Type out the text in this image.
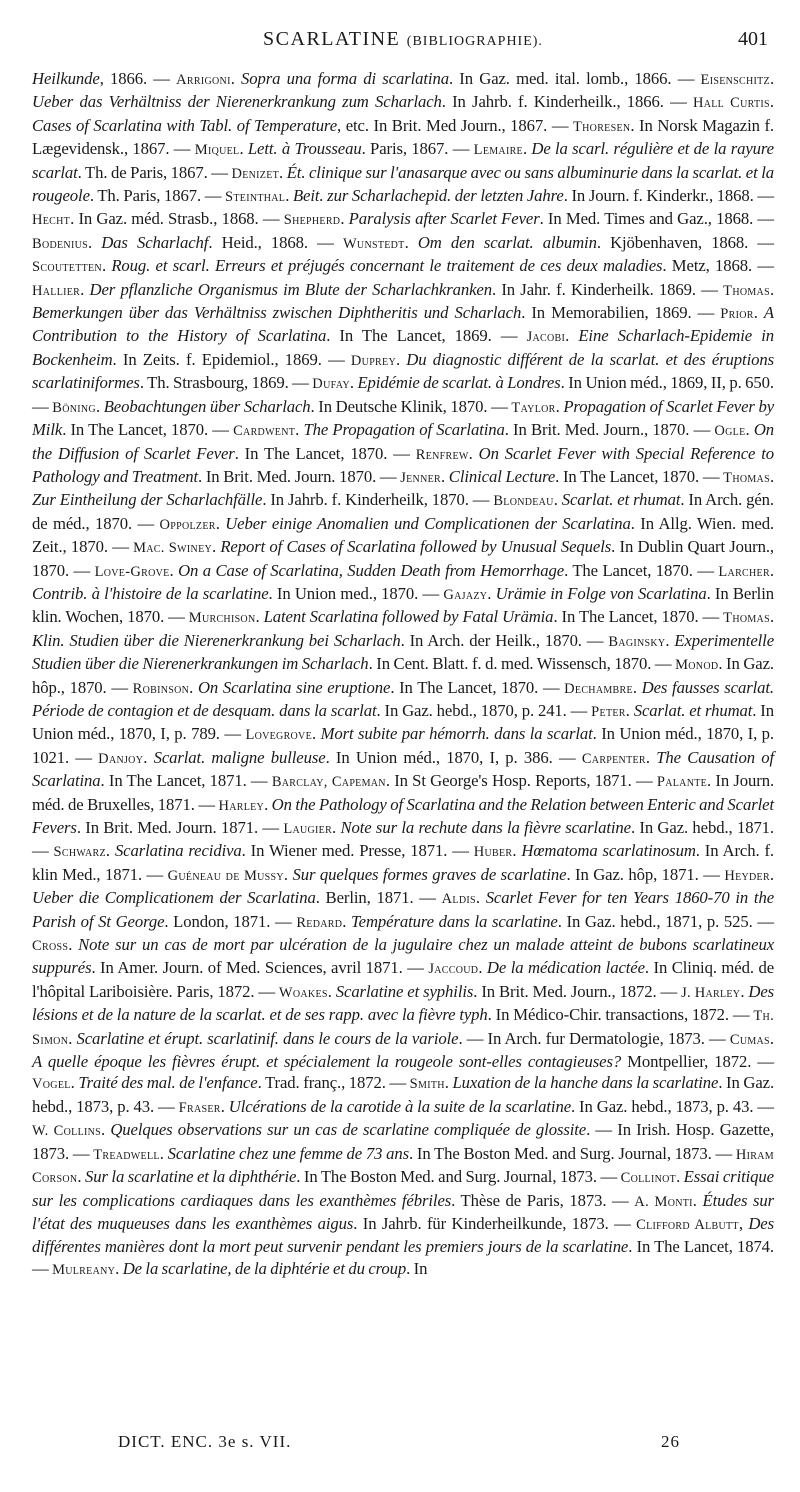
SCARLATINE (BIBLIOGRAPHIE).	401
Heilkunde, 1866. — Arrigoni. Sopra una forma di scarlatina. In Gaz. med. ital. lomb., 1866. — Eisenschitz. Ueber das Verhältniss der Nierenerkrankung zum Scharlach. In Jahrb. f. Kinderheilk., 1866. — Hall Curtis. Cases of Scarlatina with Tabl. of Temperature, etc. In Brit. Med Journ., 1867. — Thoresen. In Norsk Magazin f. Lægevidensk., 1867. — Miquel. Lett. à Trousseau. Paris, 1867. — Lemaire. De la scarl. régulière et de la rayure scarlat. Th. de Paris, 1867. — Denizet. Ét. clinique sur l'anasarque avec ou sans albuminurie dans la scarlat. et la rougeole. Th. Paris, 1867. — Steinthal. Beit. zur Scharlachepid. der letzten Jahre. In Journ. f. Kinderkr., 1868. — Hecht. In Gaz. méd. Strasb., 1868. — Shepherd. Paralysis after Scarlet Fever. In Med. Times and Gaz., 1868. — Bodenius. Das Scharlachf. Heid., 1868. — Wunstedt. Om den scarlat. albumin. Kjöbenhaven, 1868. — Scoutetten. Roug. et scarl. Erreurs et préjugés concernant le traitement de ces deux maladies. Metz, 1868. — Hallier. Der pflanzliche Organismus im Blute der Scharlachkranken. In Jahr. f. Kinderheilk. 1869. — Thomas. Bemerkungen über das Verhältniss zwischen Diphtheritis und Scharlach. In Memorabilien, 1869. — Prior. A Contribution to the History of Scarlatina. In The Lancet, 1869. — Jacobi. Eine Scharlach-Epidemie in Bockenheim. In Zeits. f. Epidemiol., 1869. — Duprey. Du diagnostic différent de la scarlat. et des éruptions scarlatiniformes. Th. Strasbourg, 1869. — Dufay. Epidémie de scarlat. à Londres. In Union méd., 1869, II, p. 650. — Böning. Beobachtungen über Scharlach. In Deutsche Klinik, 1870. — Taylor. Propagation of Scarlet Fever by Milk. In The Lancet, 1870. — Cardwent. The Propagation of Scarlatina. In Brit. Med. Journ., 1870. — Ogle. On the Diffusion of Scarlet Fever. In The Lancet, 1870. — Renfrew. On Scarlet Fever with Special Reference to Pathology and Treatment. In Brit. Med. Journ. 1870. — Jenner. Clinical Lecture. In The Lancet, 1870. — Thomas. Zur Eintheilung der Scharlachfälle. In Jahrb. f. Kinderheilk, 1870. — Blondeau. Scarlat. et rhumat. In Arch. gén. de méd., 1870. — Oppolzer. Ueber einige Anomalien und Complicationen der Scarlatina. In Allg. Wien. med. Zeit., 1870. — Mac. Swiney. Report of Cases of Scarlatina followed by Unusual Sequels. In Dublin Quart Journ., 1870. — Love-Grove. On a Case of Scarlatina, Sudden Death from Hemorrhage. The Lancet, 1870. — Larcher. Contrib. à l'histoire de la scarlatine. In Union med., 1870. — Gajazy. Urämie in Folge von Scarlatina. In Berlin klin. Wochen, 1870. — Murchison. Latent Scarlatina followed by Fatal Urämia. In The Lancet, 1870. — Thomas. Klin. Studien über die Nierenerkrankung bei Scharlach. In Arch. der Heilk., 1870. — Baginsky. Experimentelle Studien über die Nierenerkrankungen im Scharlach. In Cent. Blatt. f. d. med. Wissensch, 1870. — Monod. In Gaz. hôp., 1870. — Robinson. On Scarlatina sine eruptione. In The Lancet, 1870. — Dechambre. Des fausses scarlat. Période de contagion et de desquam. dans la scarlat. In Gaz. hebd., 1870, p. 241. — Peter. Scarlat. et rhumat. In Union méd., 1870, I, p. 789. — Lovegrove. Mort subite par hémorrh. dans la scarlat. In Union méd., 1870, I, p. 1021. — Danjoy. Scarlat. maligne bulleuse. In Union méd., 1870, I, p. 386. — Carpenter. The Causation of Scarlatina. In The Lancet, 1871. — Barclay, Capeman. In St George's Hosp. Reports, 1871. — Palante. In Journ. méd. de Bruxelles, 1871. — Harley. On the Pathology of Scarlatina and the Relation between Enteric and Scarlet Fevers. In Brit. Med. Journ. 1871. — Laugier. Note sur la rechute dans la fièvre scarlatine. In Gaz. hebd., 1871. — Schwarz. Scarlatina recidiva. In Wiener med. Presse, 1871. — Huber. Hœmatoma scarlatinosum. In Arch. f. klin Med., 1871. — Guéneau de Mussy. Sur quelques formes graves de scarlatine. In Gaz. hôp, 1871. — Heyder. Ueber die Complicationem der Scarlatina. Berlin, 1871. — Aldis. Scarlet Fever for ten Years 1860-70 in the Parish of St George. London, 1871. — Redard. Température dans la scarlatine. In Gaz. hebd., 1871, p. 525. — Cross. Note sur un cas de mort par ulcération de la jugulaire chez un malade atteint de bubons scarlatineux suppurés. In Amer. Journ. of Med. Sciences, avril 1871. — Jaccoud. De la médication lactée. In Cliniq. méd. de l'hôpital Lariboisière. Paris, 1872. — Woakes. Scarlatine et syphilis. In Brit. Med. Journ., 1872. — J. Harley. Des lésions et de la nature de la scarlat. et de ses rapp. avec la fièvre typh. In Médico-Chir. transactions, 1872. — Th. Simon. Scarlatine et érupt. scarlatinif. dans le cours de la variole. — In Arch. fur Dermatologie, 1873. — Cumas. A quelle époque les fièvres érupt. et spécialement la rougeole sont-elles contagieuses? Montpellier, 1872. — Vogel. Traité des mal. de l'enfance. Trad. franç., 1872. — Smith. Luxation de la hanche dans la scarlatine. In Gaz. hebd., 1873, p. 43. — Fraser. Ulcérations de la carotide à la suite de la scarlatine. In Gaz. hebd., 1873, p. 43. — W. Collins. Quelques observations sur un cas de scarlatine compliquée de glossite. — In Irish. Hosp. Gazette, 1873. — Treadwell. Scarlatine chez une femme de 73 ans. In The Boston Med. and Surg. Journal, 1873. — Hiram Corson. Sur la scarlatine et la diphthérie. In The Boston Med. and Surg. Journal, 1873. — Collinot. Essai critique sur les complications cardiaques dans les exanthèmes fébriles. Thèse de Paris, 1873. — A. Monti. Études sur l'état des muqueuses dans les exanthèmes aigus. In Jahrb. für Kinderheilkunde, 1873. — Clifford Albutt, Des différentes manières dont la mort peut survenir pendant les premiers jours de la scarlatine. In The Lancet, 1874. — Mulreany. De la scarlatine, de la diphtérie et du croup. In
DICT. ENC. 3e s. VII.	26
